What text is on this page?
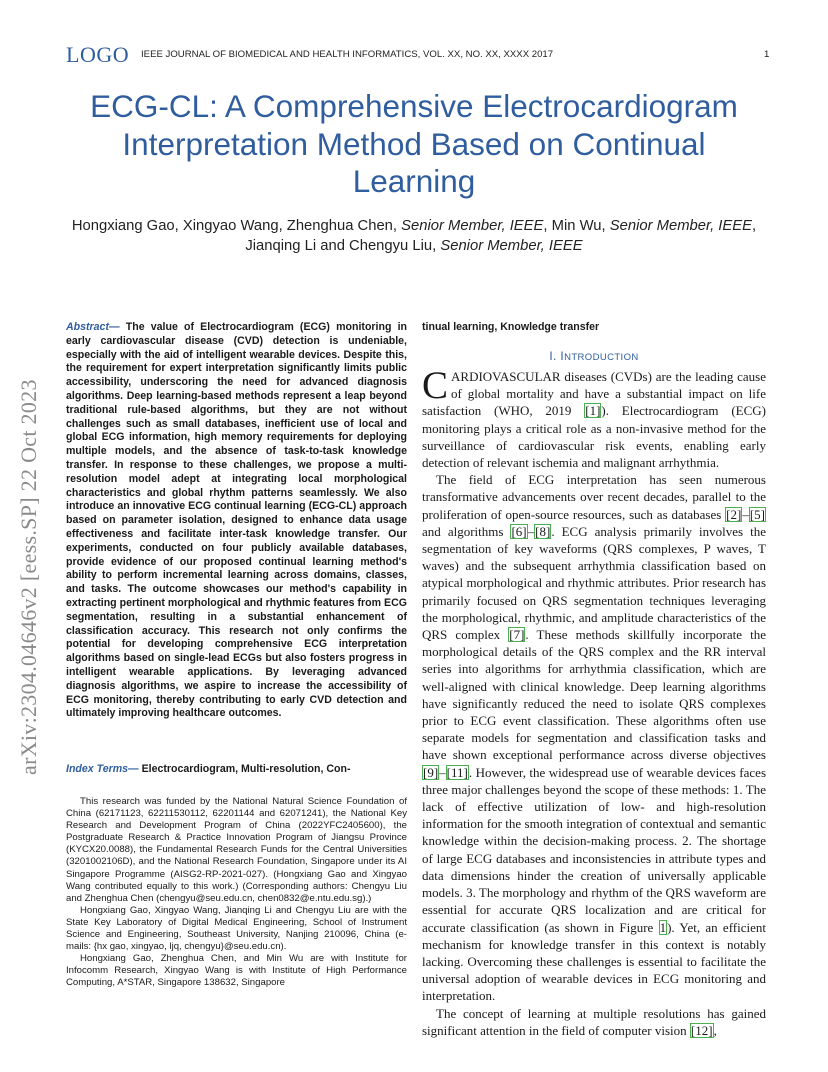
LOGO IEEE JOURNAL OF BIOMEDICAL AND HEALTH INFORMATICS, VOL. XX, NO. XX, XXXX 2017	1
ECG-CL: A Comprehensive Electrocardiogram Interpretation Method Based on Continual Learning
Hongxiang Gao, Xingyao Wang, Zhenghua Chen, Senior Member, IEEE, Min Wu, Senior Member, IEEE,
Jianqing Li and Chengyu Liu, Senior Member, IEEE
arXiv:2304.04646v2 [eess.SP] 22 Oct 2023
Abstract— The value of Electrocardiogram (ECG) monitoring in early cardiovascular disease (CVD) detection is undeniable, especially with the aid of intelligent wearable devices. Despite this, the requirement for expert interpretation significantly limits public accessibility, underscoring the need for advanced diagnosis algorithms. Deep learning-based methods represent a leap beyond traditional rule-based algorithms, but they are not without challenges such as small databases, inefficient use of local and global ECG information, high memory requirements for deploying multiple models, and the absence of task-to-task knowledge transfer. In response to these challenges, we propose a multi-resolution model adept at integrating local morphological characteristics and global rhythm patterns seamlessly. We also introduce an innovative ECG continual learning (ECG-CL) approach based on parameter isolation, designed to enhance data usage effectiveness and facilitate inter-task knowledge transfer. Our experiments, conducted on four publicly available databases, provide evidence of our proposed continual learning method's ability to perform incremental learning across domains, classes, and tasks. The outcome showcases our method's capability in extracting pertinent morphological and rhythmic features from ECG segmentation, resulting in a substantial enhancement of classification accuracy. This research not only confirms the potential for developing comprehensive ECG interpretation algorithms based on single-lead ECGs but also fosters progress in intelligent wearable applications. By leveraging advanced diagnosis algorithms, we aspire to increase the accessibility of ECG monitoring, thereby contributing to early CVD detection and ultimately improving healthcare outcomes.
Index Terms— Electrocardiogram, Multi-resolution, Con-
tinual learning, Knowledge transfer

This research was funded by the National Natural Science Foundation of China (62171123, 62211530112, 62201144 and 62071241), the National Key Research and Development Program of China (2022YFC2405600), the Postgraduate Research & Practice Innovation Program of Jiangsu Province (KYCX20.0088), the Fundamental Research Funds for the Central Universities (3201002106D), and the National Research Foundation, Singapore under its AI Singapore Programme (AISG2-RP-2021-027). (Hongxiang Gao and Xingyao Wang contributed equally to this work.) (Corresponding authors: Chengyu Liu and Zhenghua Chen (chengyu@seu.edu.cn, chen0832@e.ntu.edu.sg).)

Hongxiang Gao, Xingyao Wang, Jianqing Li and Chengyu Liu are with the State Key Laboratory of Digital Medical Engineering, School of Instrument Science and Engineering, Southeast University, Nanjing 210096, China (e-mails: {hx gao, xingyao, ljq, chengyu}@seu.edu.cn).

Hongxiang Gao, Zhenghua Chen, and Min Wu are with Institute for Infocomm Research, Xingyao Wang is with Institute of High Performance Computing, A*STAR, Singapore 138632, Singapore

I. INTRODUCTION

CARDIOVASCULAR diseases (CVDs) are the leading cause of global mortality and have a substantial impact on life satisfaction (WHO, 2019 [1]). Electrocardiogram (ECG) monitoring plays a critical role as a non-invasive method for the surveillance of cardiovascular risk events, enabling early detection of relevant ischemia and malignant arrhythmia.

The field of ECG interpretation has seen numerous transformative advancements over recent decades, parallel to the proliferation of open-source resources, such as databases [2]–[5] and algorithms [6]–[8]. ECG analysis primarily involves the segmentation of key waveforms (QRS complexes, P waves, T waves) and the subsequent arrhythmia classification based on atypical morphological and rhythmic attributes. Prior research has primarily focused on QRS segmentation techniques leveraging the morphological, rhythmic, and amplitude characteristics of the QRS complex [7]. These methods skillfully incorporate the morphological details of the QRS complex and the RR interval series into algorithms for arrhythmia classification, which are well-aligned with clinical knowledge. Deep learning algorithms have significantly reduced the need to isolate QRS complexes prior to ECG event classification. These algorithms often use separate models for segmentation and classification tasks and have shown exceptional performance across diverse objectives [9]–[11]. However, the widespread use of wearable devices faces three major challenges beyond the scope of these methods: 1. The lack of effective utilization of low- and high-resolution information for the smooth integration of contextual and semantic knowledge within the decision-making process. 2. The shortage of large ECG databases and inconsistencies in attribute types and data dimensions hinder the creation of universally applicable models. 3. The morphology and rhythm of the QRS waveform are essential for accurate QRS localization and are critical for accurate classification (as shown in Figure 1). Yet, an efficient mechanism for knowledge transfer in this context is notably lacking. Overcoming these challenges is essential to facilitate the universal adoption of wearable devices in ECG monitoring and interpretation.

The concept of learning at multiple resolutions has gained significant attention in the field of computer vision [12],
